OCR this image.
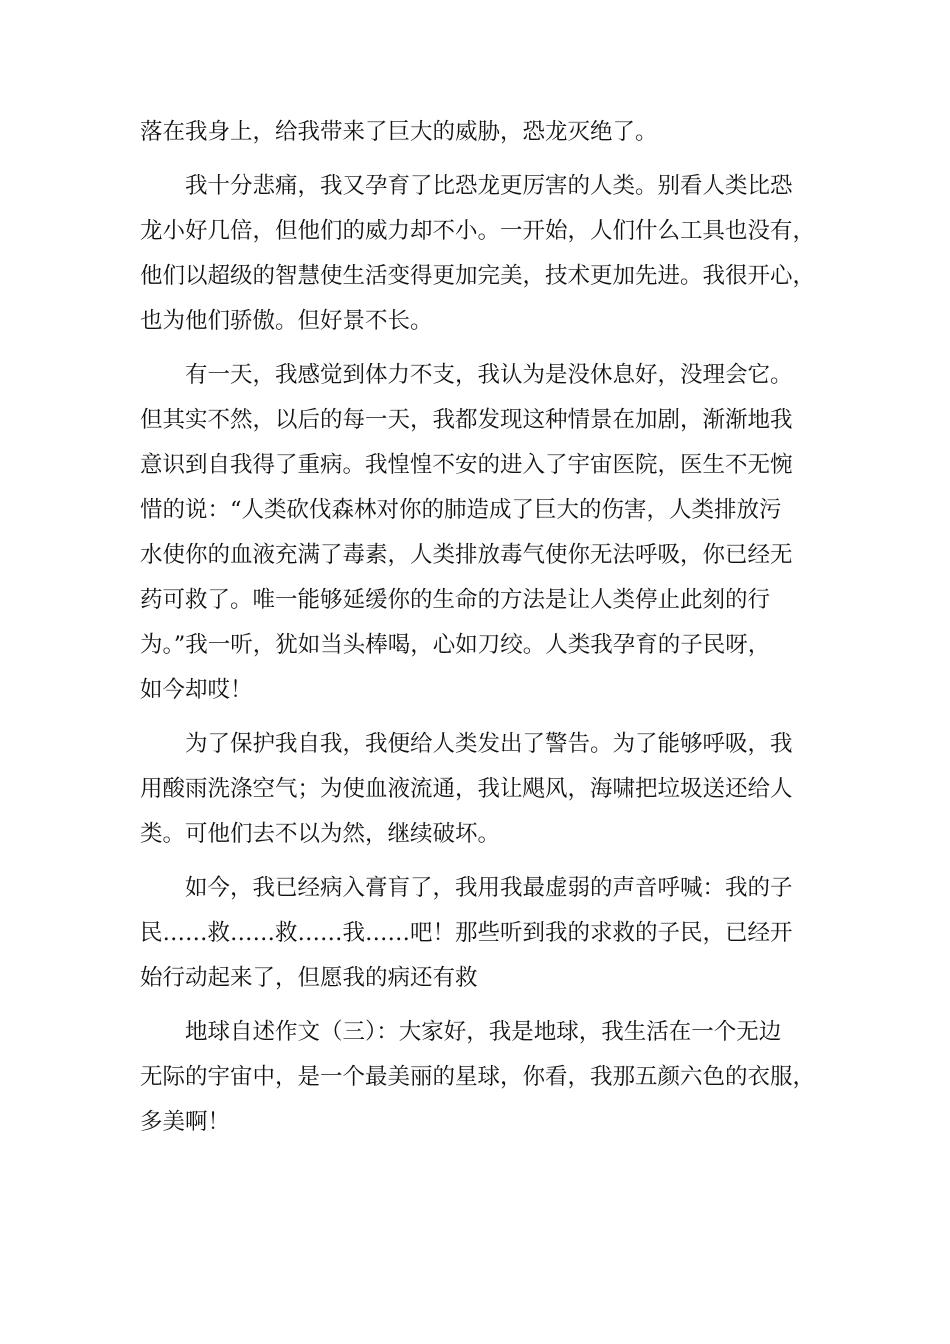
落在我身上，给我带来了巨大的威胁，恐龙灭绝了。
　　我十分悲痛，我又孕育了比恐龙更厉害的人类。别看人类比恐
龙小好几倍，但他们的威力却不小。一开始，人们什么工具也没有，
他们以超级的智慧使生活变得更加完美，技术更加先进。我很开心，
也为他们骄傲。但好景不长。
　　有一天，我感觉到体力不支，我认为是没休息好，没理会它。
但其实不然，以后的每一天，我都发现这种情景在加剧，渐渐地我
意识到自我得了重病。我惶惶不安的进入了宇宙医院，医生不无惋
惜的说：“人类砍伐森林对你的肺造成了巨大的伤害，人类排放污
水使你的血液充满了毒素，人类排放毒气使你无法呼吸，你已经无
药可救了。唯一能够延缓你的生命的方法是让人类停止此刻的行
为。”我一听，犹如当头棒喝，心如刀绞。人类我孕育的子民呀，
如今却哎！
　　为了保护我自我，我便给人类发出了警告。为了能够呼吸，我
用酸雨洗涤空气；为使血液流通，我让飓风，海啸把垃圾送还给人
类。可他们去不以为然，继续破坏。
　　如今，我已经病入膏肓了，我用我最虚弱的声音呼喊：我的子
民……救……救……我……吧！那些听到我的求救的子民，已经开
始行动起来了，但愿我的病还有救
　　地球自述作文（三）：大家好，我是地球，我生活在一个无边
无际的宇宙中，是一个最美丽的星球，你看，我那五颜六色的衣服，
多美啊！
